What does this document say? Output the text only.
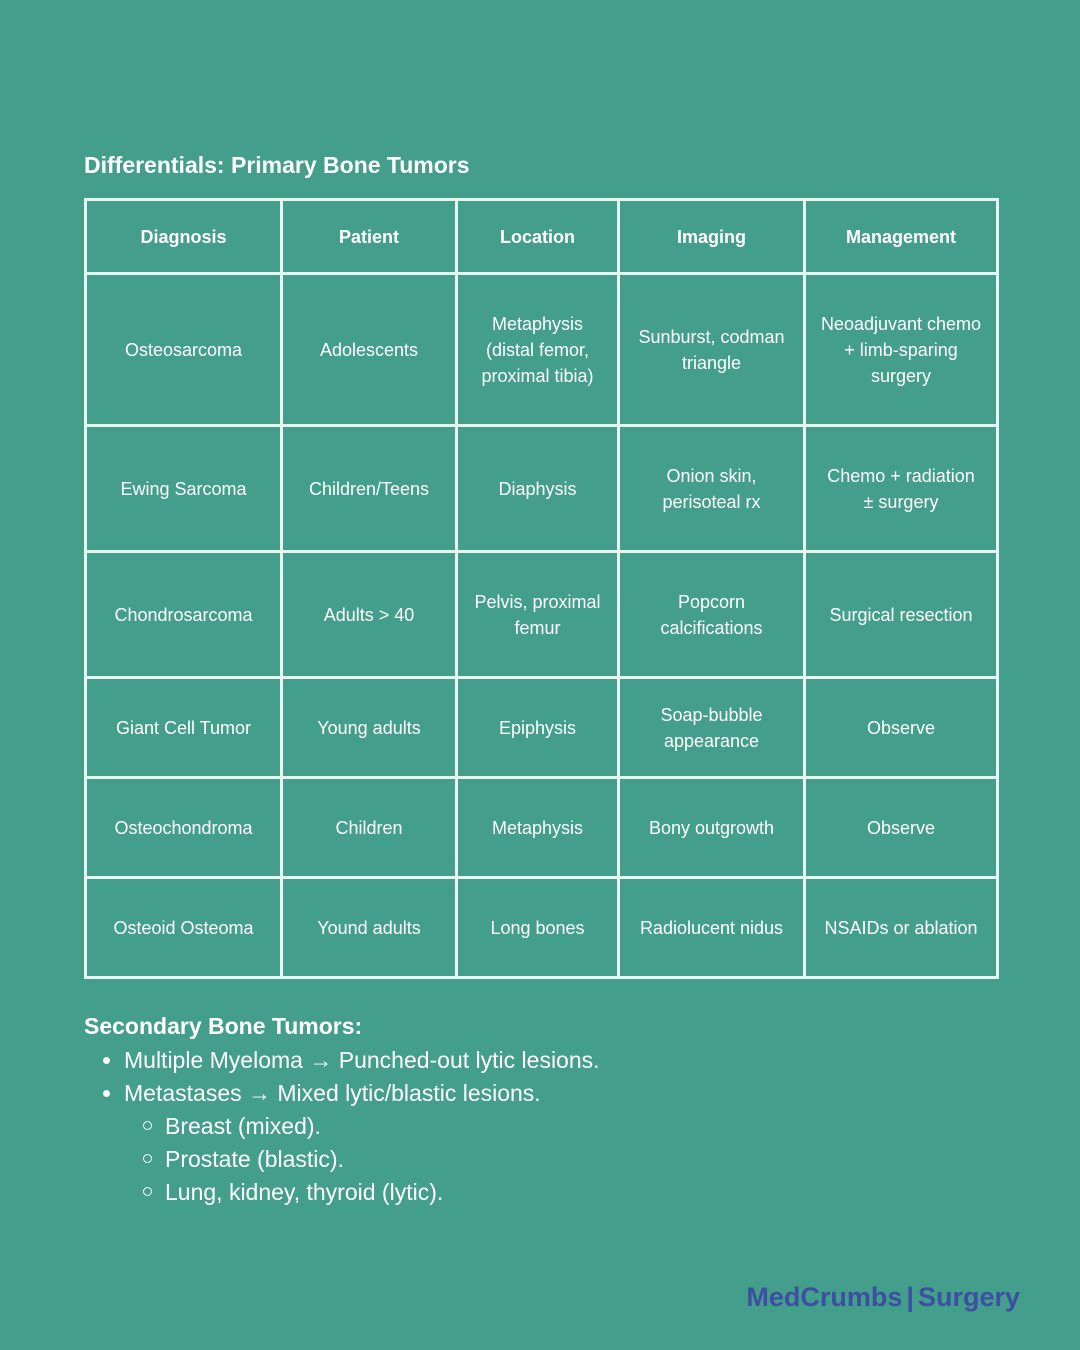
Differentials: Primary Bone Tumors
Diagnosis	Patient	Location	Imaging	Management
Osteosarcoma	Adolescents	Metaphysis (distal femor, proximal tibia)	Sunburst, codman triangle	Neoadjuvant chemo + limb-sparing surgery
Ewing Sarcoma	Children/Teens	Diaphysis	Onion skin, perisoteal rx	Chemo + radiation ± surgery
Chondrosarcoma	Adults > 40	Pelvis, proximal femur	Popcorn calcifications	Surgical resection
Giant Cell Tumor	Young adults	Epiphysis	Soap-bubble appearance	Observe
Osteochondroma	Children	Metaphysis	Bony outgrowth	Observe
Osteoid Osteoma	Yound adults	Long bones	Radiolucent nidus	NSAIDs or ablation
Secondary Bone Tumors:
Multiple Myeloma → Punched-out lytic lesions.
Metastases → Mixed lytic/blastic lesions.
Breast (mixed).
Prostate (blastic).
Lung, kidney, thyroid (lytic).
MedCrumbs | Surgery
